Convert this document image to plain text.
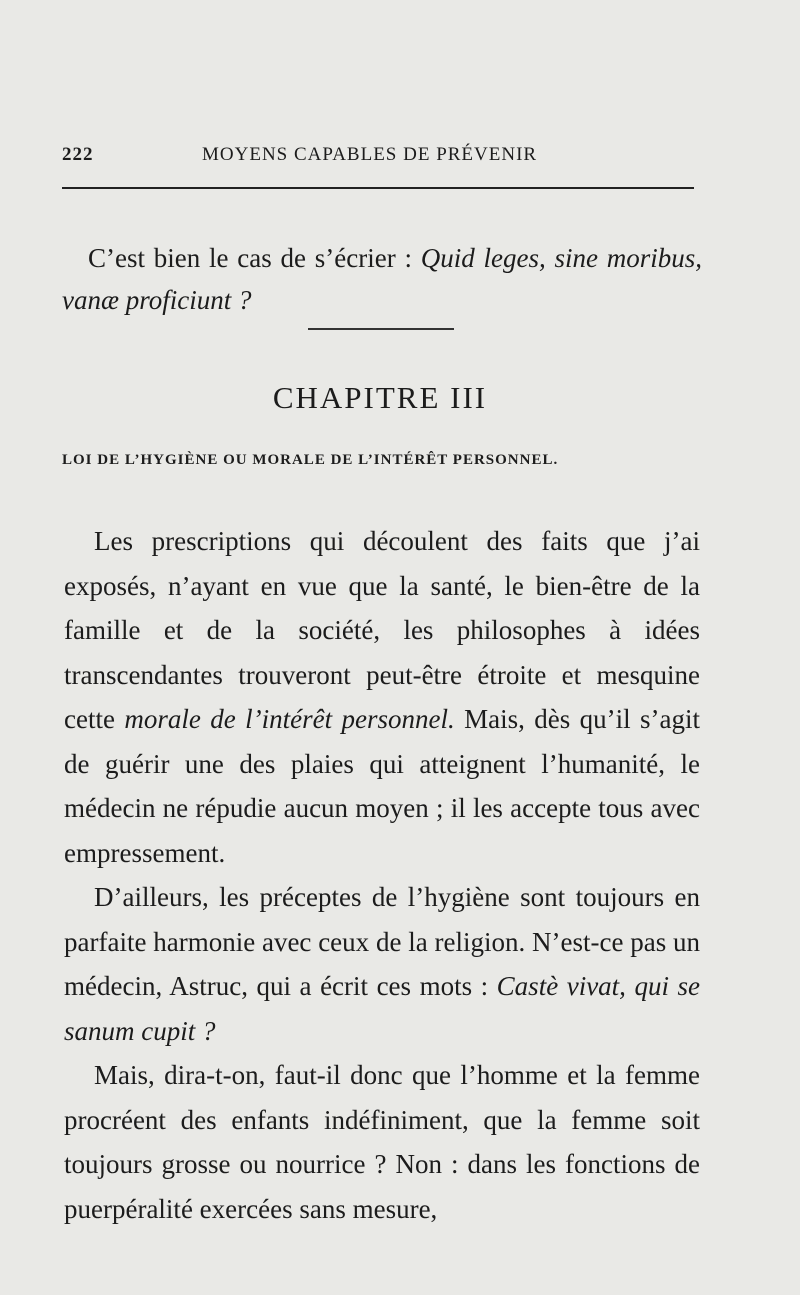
222	MOYENS CAPABLES DE PRÉVENIR

C’est bien le cas de s’écrier : Quid leges, sine moribus, vanæ proficiunt ?

CHAPITRE III
LOI DE L’HYGIÈNE OU MORALE DE L’INTÉRÊT PERSONNEL.

Les prescriptions qui découlent des faits que j’ai exposés, n’ayant en vue que la santé, le bien-être de la famille et de la société, les philosophes à idées transcendantes trouveront peut-être étroite et mesquine cette morale de l’intérêt personnel. Mais, dès qu’il s’agit de guérir une des plaies qui atteignent l’humanité, le médecin ne répudie aucun moyen ; il les accepte tous avec empressement.

D’ailleurs, les préceptes de l’hygiène sont toujours en parfaite harmonie avec ceux de la religion. N’est-ce pas un médecin, Astruc, qui a écrit ces mots : Castè vivat, qui se sanum cupit ?

Mais, dira-t-on, faut-il donc que l’homme et la femme procréent des enfants indéfiniment, que la femme soit toujours grosse ou nourrice ? Non : dans les fonctions de puerpéralité exercées sans mesure,
